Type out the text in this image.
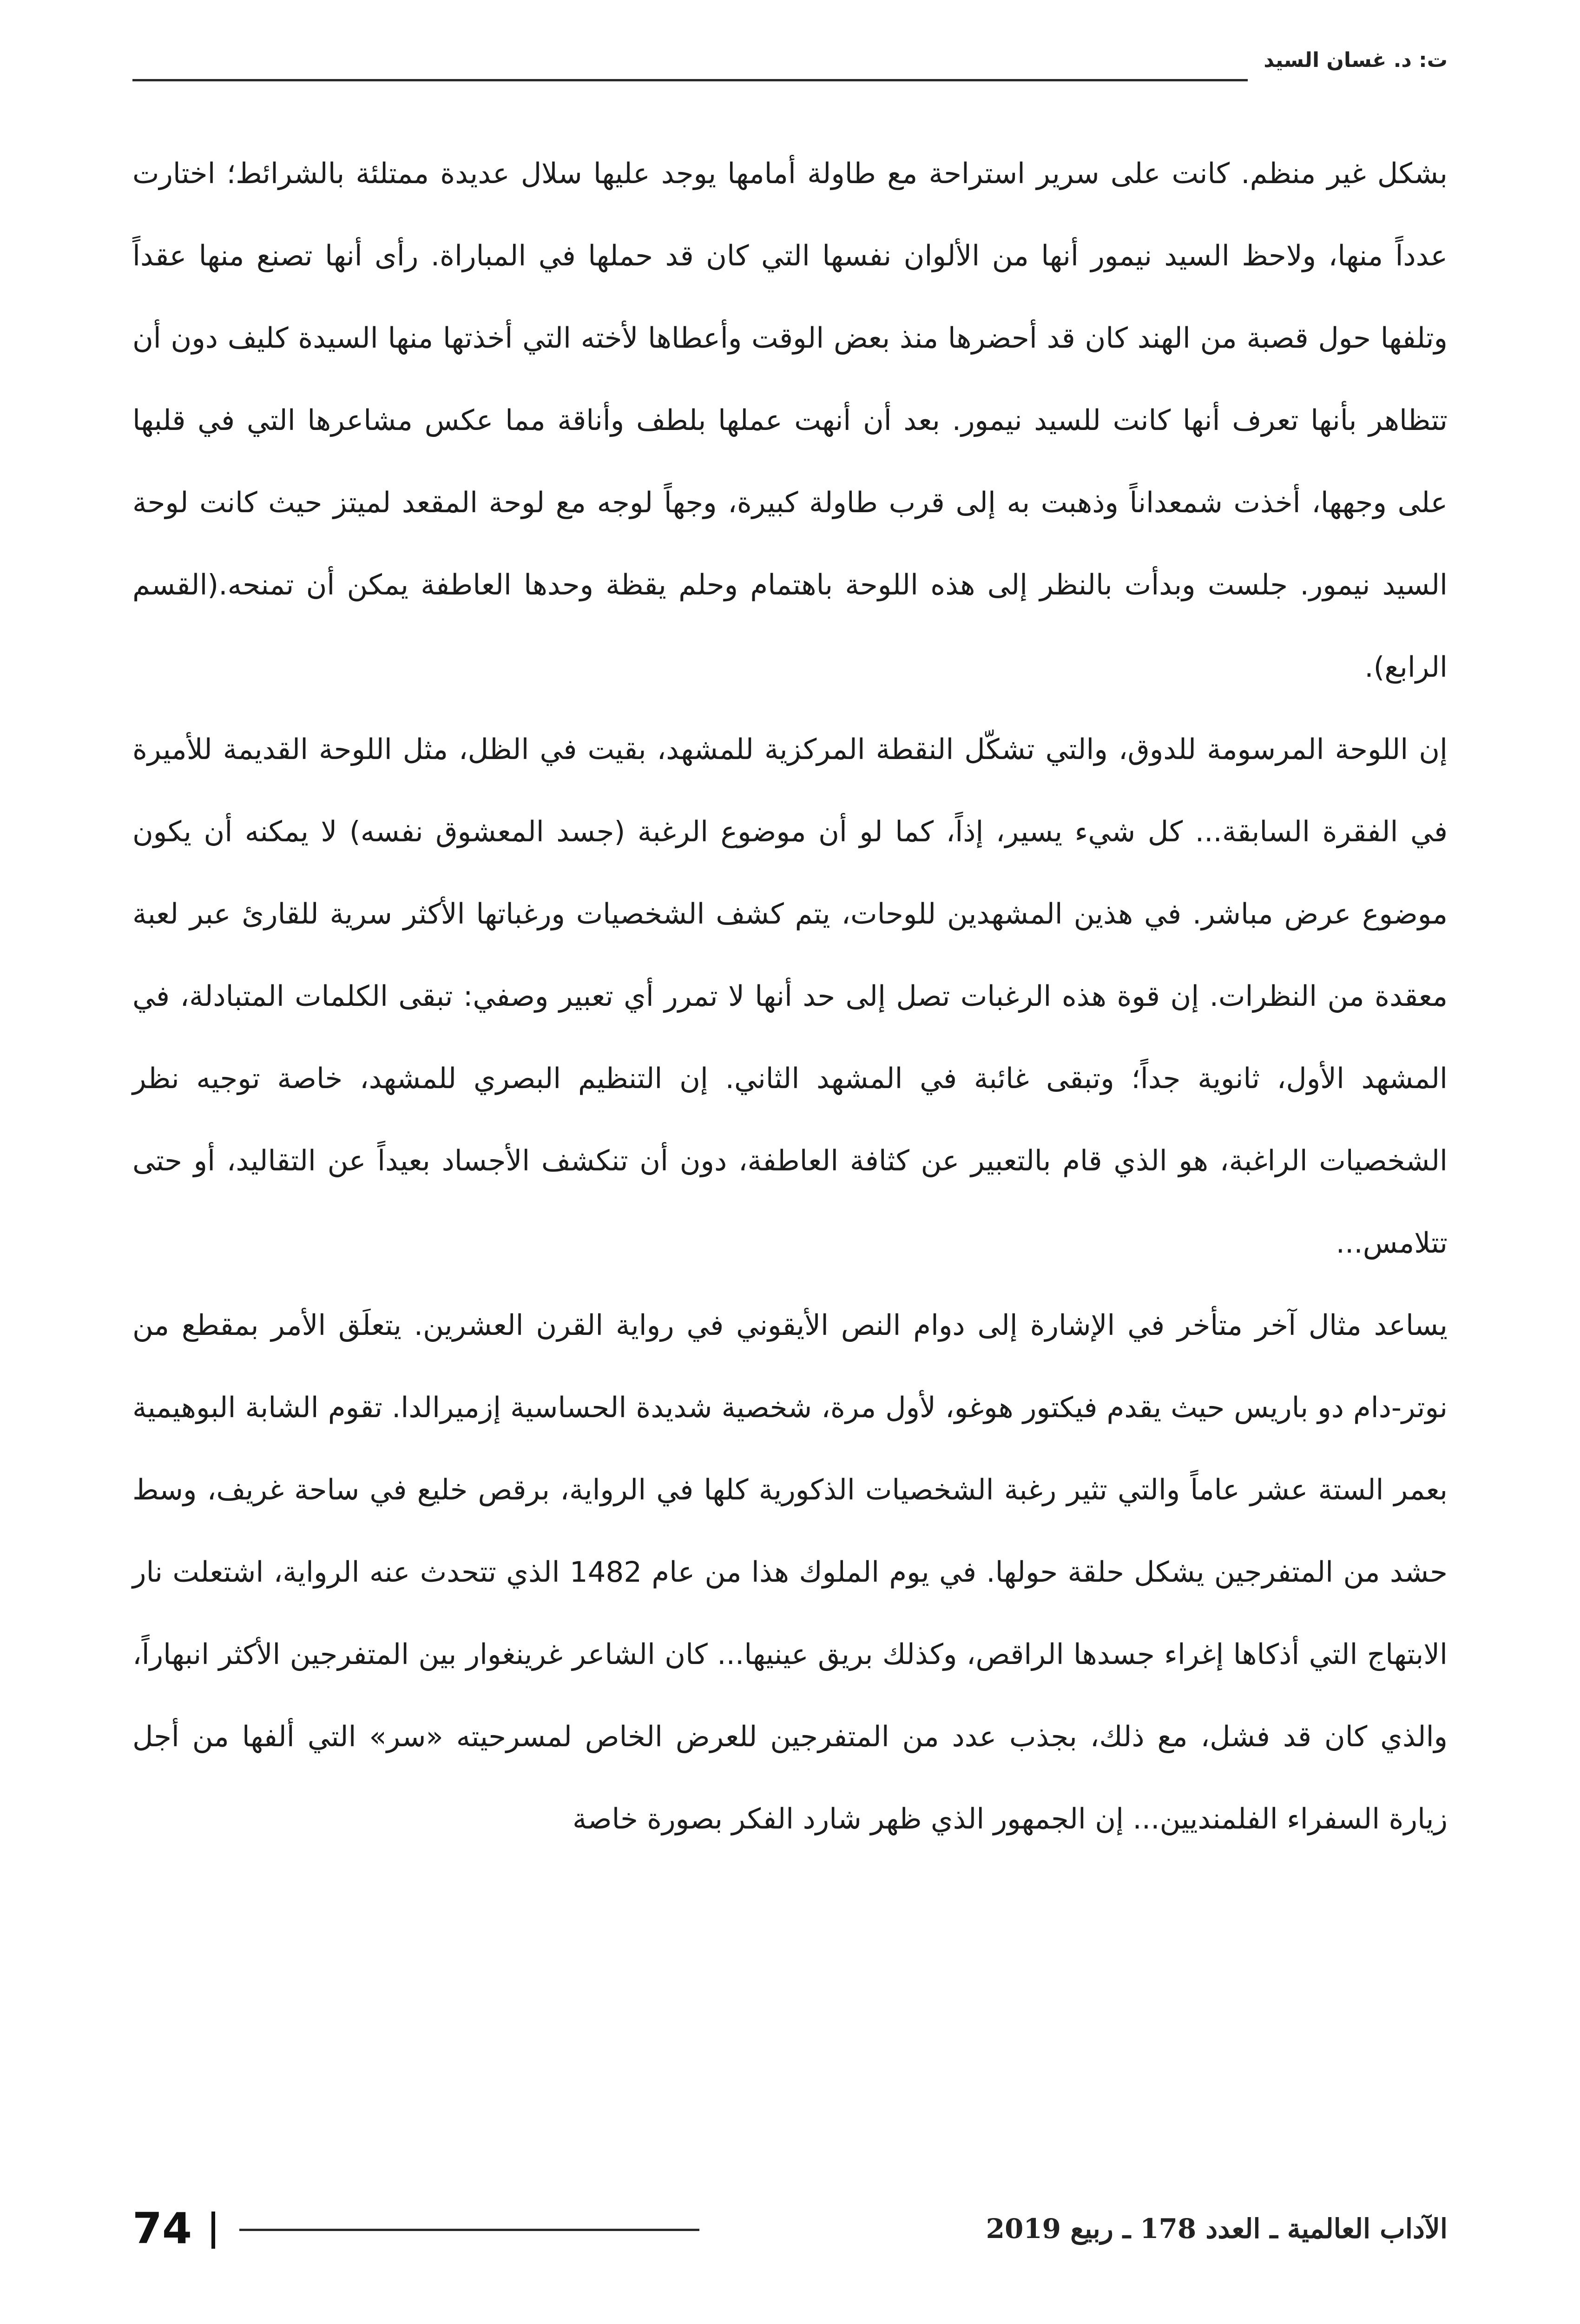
ت: د. غسان السيد

بشكل غير منظم. كانت على سرير استراحة مع طاولة أمامها يوجد عليها سلال عديدة ممتلئة بالشرائط؛ اختارت عدداً منها، ولاحظ السيد نيمور أنها من الألوان نفسها التي كان قد حملها في المباراة. رأى أنها تصنع منها عقداً وتلفها حول قصبة من الهند كان قد أحضرها منذ بعض الوقت وأعطاها لأخته التي أخذتها منها السيدة كليف دون أن تتظاهر بأنها تعرف أنها كانت للسيد نيمور. بعد أن أنهت عملها بلطف وأناقة مما عكس مشاعرها التي في قلبها على وجهها، أخذت شمعداناً وذهبت به إلى قرب طاولة كبيرة، وجهاً لوجه مع لوحة المقعد لميتز حيث كانت لوحة السيد نيمور. جلست وبدأت بالنظر إلى هذه اللوحة باهتمام وحلم يقظة وحدها العاطفة يمكن أن تمنحه.(القسم الرابع).

إن اللوحة المرسومة للدوق، والتي تشكّل النقطة المركزية للمشهد، بقيت في الظل، مثل اللوحة القديمة للأميرة في الفقرة السابقة... كل شيء يسير، إذاً، كما لو أن موضوع الرغبة (جسد المعشوق نفسه) لا يمكنه أن يكون موضوع عرض مباشر. في هذين المشهدين للوحات، يتم كشف الشخصيات ورغباتها الأكثر سرية للقارئ عبر لعبة معقدة من النظرات. إن قوة هذه الرغبات تصل إلى حد أنها لا تمرر أي تعبير وصفي: تبقى الكلمات المتبادلة، في المشهد الأول، ثانوية جداً؛ وتبقى غائبة في المشهد الثاني. إن التنظيم البصري للمشهد، خاصة توجيه نظر الشخصيات الراغبة، هو الذي قام بالتعبير عن كثافة العاطفة، دون أن تنكشف الأجساد بعيداً عن التقاليد، أو حتى تتلامس...

يساعد مثال آخر متأخر في الإشارة إلى دوام النص الأيقوني في رواية القرن العشرين. يتعلَق الأمر بمقطع من نوتر-دام دو باريس حيث يقدم فيكتور هوغو، لأول مرة، شخصية شديدة الحساسية إزميرالدا. تقوم الشابة البوهيمية بعمر الستة عشر عاماً والتي تثير رغبة الشخصيات الذكورية كلها في الرواية، برقص خليع في ساحة غريف، وسط حشد من المتفرجين يشكل حلقة حولها. في يوم الملوك هذا من عام 1482 الذي تتحدث عنه الرواية، اشتعلت نار الابتهاج التي أذكاها إغراء جسدها الراقص، وكذلك بريق عينيها... كان الشاعر غرينغوار بين المتفرجين الأكثر انبهاراً، والذي كان قد فشل، مع ذلك، بجذب عدد من المتفرجين للعرض الخاص لمسرحيته «سر» التي ألفها من أجل زيارة السفراء الفلمنديين... إن الجمهور الذي ظهر شارد الفكر بصورة خاصة

74	الآداب العالمية ـ العدد 178 ـ ربيع 2019
